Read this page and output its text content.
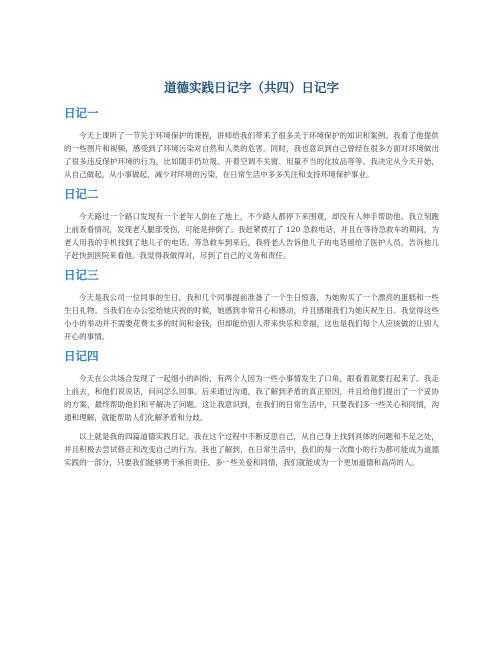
道德实践日记字（共四）日记字
日记一

今天上课听了一节关于环境保护的课程，讲师给我们带来了很多关于环境保护的知识和案例。我看了他提供的一些图片和视频，感受到了环境污染对自然和人类的危害。同时，我也意识到自己曾经在很多方面对环境做出了很多违反保护环境的行为，比如随手扔垃圾、开着空调不关窗、用量不当的化妆品等等。我决定从今天开始，从自己做起，从小事做起，减少对环境的污染，在日常生活中多多关注和支持环境保护事业。

日记二

今天路过一个路口发现有一个老年人倒在了地上，不少路人都停下来围观，却没有人伸手帮助他。我立刻跑上前查看情况，发现老人腿部受伤，可能是摔倒了。我赶紧拨打了 120 急救电话，并且在等待急救车的期间，为老人用我的手机找到了他儿子的电话。等急救车到来后，我将老人告诉他儿子的电话留给了医护人员，告诉他儿子赶快到医院来看他。我觉得我做得对，尽到了自己的义务和责任。

日记三

今天是我公司一位同事的生日，我和几个同事提前准备了一个生日惊喜，为她购买了一个漂亮的蛋糕和一些生日礼物。当我们在办公室给她庆祝的时候，她感到非常开心和感动，并且感谢我们为她庆祝生日。我觉得这些小小的举动并不需要花费太多的时间和金钱，但却能给别人带来快乐和幸福，这也是我们每个人应该做的让别人开心的事情。

日记四

今天在公共场合发现了一起细小的纠纷，有两个人因为一些小事情发生了口角，眼看着就要打起来了。我走上前去，和他们说说话，问问怎么回事。后来通过沟通，我了解到矛盾的真正原因，并且给他们提出了一个妥协的方案，最终帮助他们和平解决了问题。这让我意识到，在我们的日常生活中，只要我们多一些关心和同情，沟通和理解，就能帮助人们化解矛盾和分歧。

以上就是我的四篇道德实践日记。我在这个过程中不断反思自己，从自己身上找到具体的问题和不足之处，并且积极去尝试修正和改变自己的行为。我也了解到，在日常生活中，我们的每一次微小的行为都可能成为道德实践的一部分，只要我们能够勇于承担责任、多一些关爱和同情，我们就能成为一个更加道德和高尚的人。
